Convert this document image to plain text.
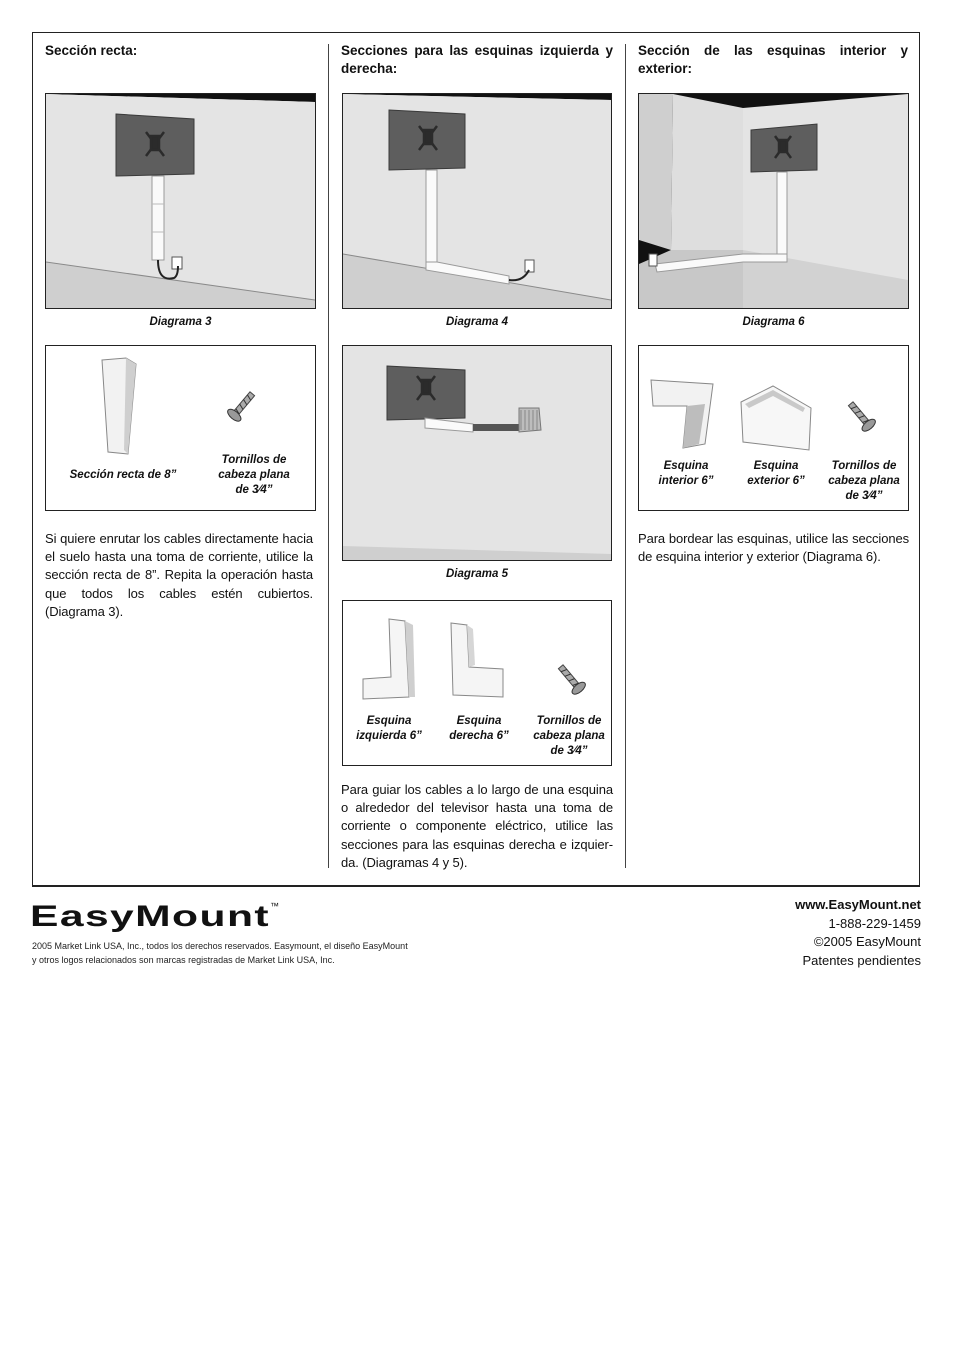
Sección recta:

Diagrama 3
Sección recta de 8”
Tornillos de cabeza plana de 3⁄4”
Si quiere enrutar los cables directamente hacia el suelo hasta una toma de corriente, utilice la sección recta de 8”. Repita la operación hasta que todos los cables estén cubiertos. (Diagrama 3).

Secciones para las esquinas izquierda y derecha:

Diagrama 4
Diagrama 5
Esquina izquierda 6”
Esquina derecha 6”
Tornillos de cabeza plana de 3⁄4”
Para guiar los cables a lo largo de una esquina o alrededor del televisor hasta una toma de corriente o componente eléctrico, utilice las secciones para las esquinas derecha e izquier-da. (Diagramas 4 y 5).

Sección de las esquinas interior y exterior:

Diagrama 6
Esquina interior 6”
Esquina exterior 6”
Tornillos de cabeza plana de 3⁄4”
Para bordear las esquinas, utilice las secciones de esquina interior y exterior (Diagrama 6).
EasyMount ™
2005 Market Link USA, Inc., todos los derechos reservados. Easymount, el diseño EasyMount
y otros logos relacionados son marcas registradas de Market Link USA, Inc.
www.EasyMount.net
1-888-229-1459
©2005 EasyMount
Patentes pendientes
